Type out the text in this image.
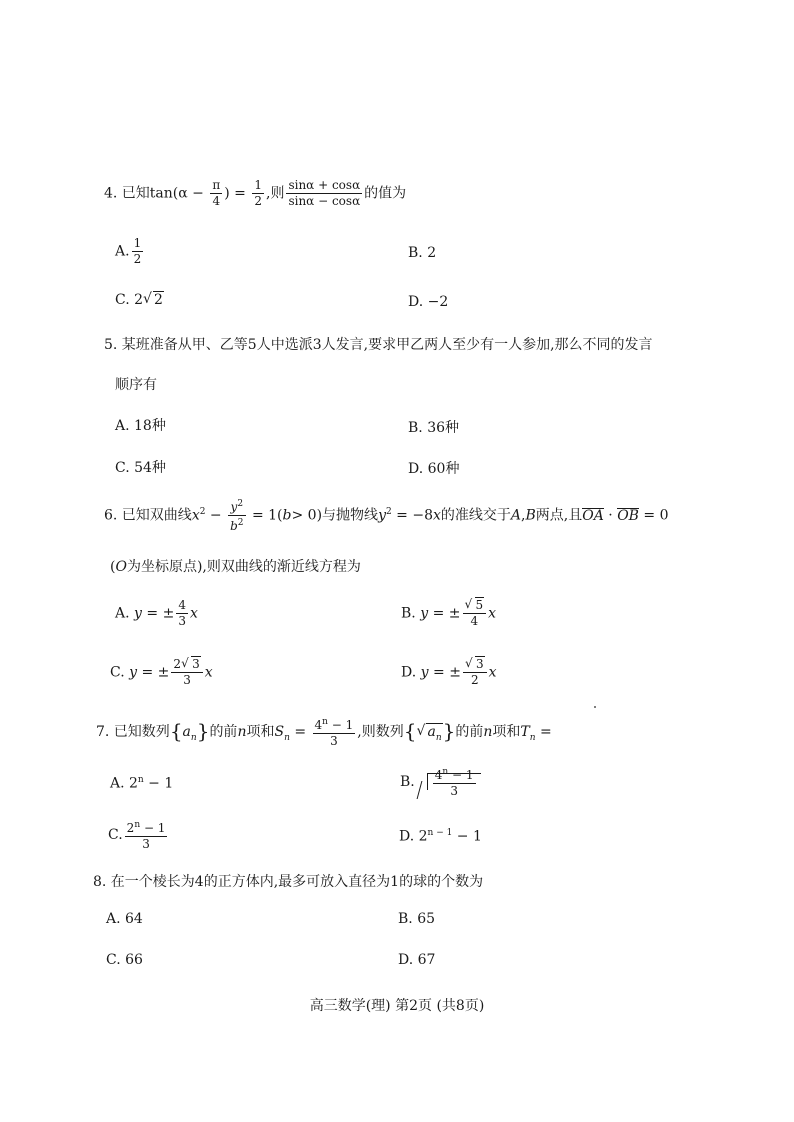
4. 已知$\tan(\alpha - \frac{\pi}{4}$ ) = $\frac{1}{2}$ ,则 $\frac{\sin\alpha + \cos\alpha}{\sin\alpha - \cos\alpha}$ 的值为
A. $\frac{1}{2}$	B. 2
C. 2 √ 2	D. −2
5. 某班准备从甲、乙等5人中选派3人发言,要求甲乙两人至少有一人参加,那么不同的发言
顺序有
A. 18种	B. 36种
C. 54种	D. 60种
6. 已知双曲线$x^2 - \frac{y^2}{b^2} = 1(b> 0)$与抛物线$y^2 = -8x$的准线交于A,B两点,且OA · OB = 0
(O为坐标原点),则双曲线的渐近线方程为
A. y = ± $\frac{4}{3}$ x	B. y = ± √ $\frac{5}{4}$ x
C. y = ± $\frac{2 √ 3}{3}$ x	D. y = ± √ $\frac{3}{2}$ x
7. 已知数列$\{a_n\}$的前n项和$S_n = \frac{4^n - 1}{3}$ ,则数列{ √ $a_n$}的前n项和$T_n$ =
A. $2^n - 1$	B. $\frac{4^n - 1}{3}$
C. $\frac{2^n - 1}{3}$	D. $2^{n - 1} - 1$
8. 在一个棱长为4的正方体内,最多可放入直径为1的球的个数为
A. 64	B. 65
C. 66	D. 67
高三数学(理) 第2页 (共8页)
